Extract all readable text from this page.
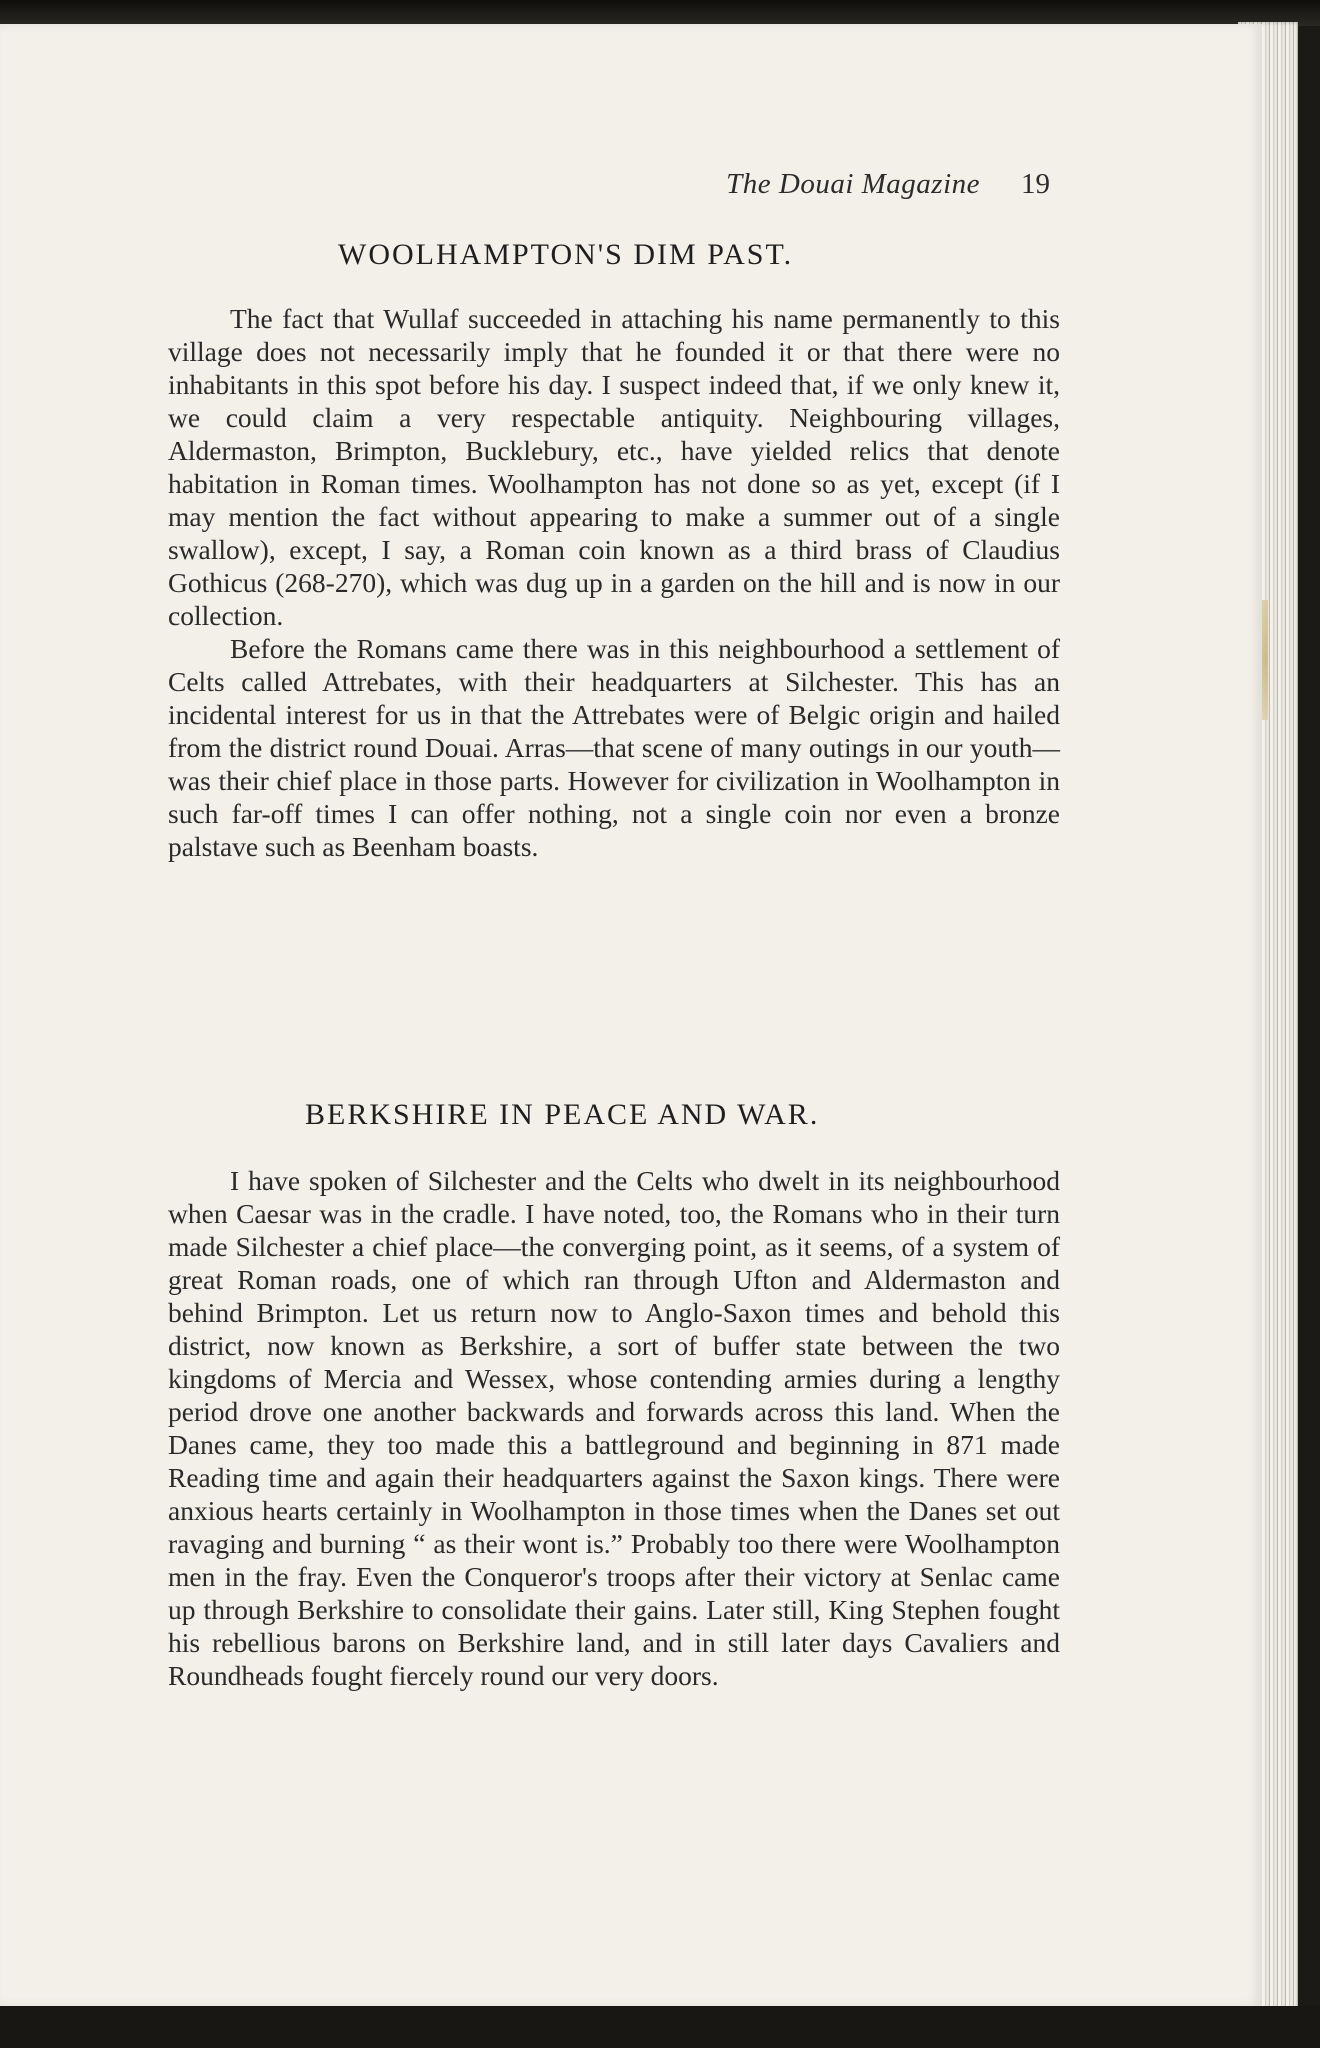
The Douai Magazine 19
WOOLHAMPTON'S DIM PAST.

The fact that Wullaf succeeded in attaching his name permanently to this village does not necessarily imply that he founded it or that there were no inhabitants in this spot before his day. I suspect indeed that, if we only knew it, we could claim a very respectable antiquity. Neighbouring villages, Aldermaston, Brimpton, Bucklebury, etc., have yielded relics that denote habitation in Roman times. Woolhampton has not done so as yet, except (if I may mention the fact without appearing to make a summer out of a single swallow), except, I say, a Roman coin known as a third brass of Claudius Gothicus (268-270), which was dug up in a garden on the hill and is now in our collection.

Before the Romans came there was in this neighbourhood a settlement of Celts called Attrebates, with their headquarters at Silchester. This has an incidental interest for us in that the Attrebates were of Belgic origin and hailed from the district round Douai. Arras—that scene of many outings in our youth—was their chief place in those parts. However for civilization in Woolhampton in such far-off times I can offer nothing, not a single coin nor even a bronze palstave such as Beenham boasts.

BERKSHIRE IN PEACE AND WAR.

I have spoken of Silchester and the Celts who dwelt in its neighbourhood when Caesar was in the cradle. I have noted, too, the Romans who in their turn made Silchester a chief place—the converging point, as it seems, of a system of great Roman roads, one of which ran through Ufton and Aldermaston and behind Brimpton. Let us return now to Anglo-Saxon times and behold this district, now known as Berkshire, a sort of buffer state between the two kingdoms of Mercia and Wessex, whose contending armies during a lengthy period drove one another backwards and forwards across this land. When the Danes came, they too made this a battleground and beginning in 871 made Reading time and again their headquarters against the Saxon kings. There were anxious hearts certainly in Woolhampton in those times when the Danes set out ravaging and burning “ as their wont is.” Probably too there were Woolhampton men in the fray. Even the Conqueror's troops after their victory at Senlac came up through Berkshire to consolidate their gains. Later still, King Stephen fought his rebellious barons on Berkshire land, and in still later days Cavaliers and Roundheads fought fiercely round our very doors.
